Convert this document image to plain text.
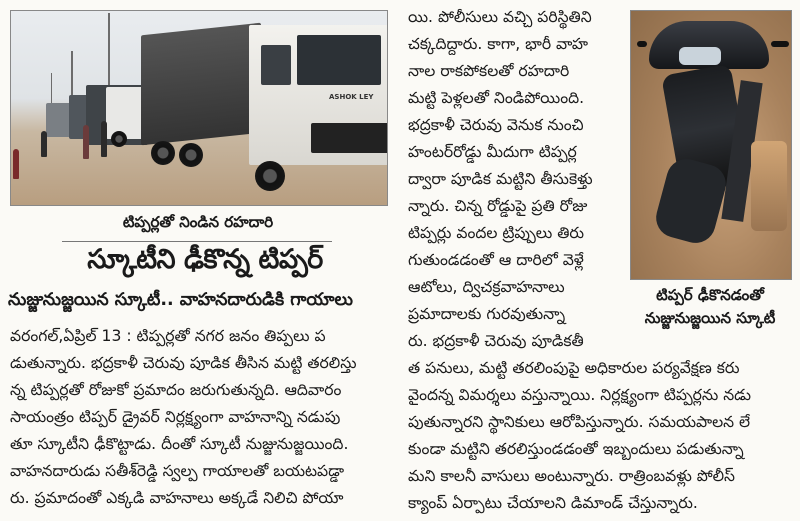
ASHOK LEY
టిప్పర్లతో నిండిన రహదారి
టిప్పర్ ఢీకొనడంతో
నుజ్జునుజ్జయిన స్కూటీ
స్కూటీని ఢీకొన్న టిప్పర్
నుజ్జునుజ్జయిన స్కూటీ.. వాహనదారుడికి గాయాలు
వరంగల్,ఏప్రిల్ 13 : టిప్పర్లతో నగర జనం తిప్పలు ప
డుతున్నారు. భద్రకాళీ చెరువు పూడిక తీసిన మట్టి తరలిస్తు
న్న టిప్పర్లతో రోజుకో ప్రమాదం జరుగుతున్నది. ఆదివారం
సాయంత్రం టిప్పర్ డ్రైవర్ నిర్లక్ష్యంగా వాహనాన్ని నడుపు
తూ స్కూటీని ఢీకొట్టాడు. దీంతో స్కూటీ నుజ్జునుజ్జయింది.
వాహనదారుడు సతీశ్‌రెడ్డి స్వల్ప గాయాలతో బయటపడ్డా
రు. ప్రమాదంతో ఎక్కడి వాహనాలు అక్కడే నిలిచి పోయా
యి. పోలీసులు వచ్చి పరిస్థితిని
చక్కదిద్దారు. కాగా, భారీ వాహ
నాల రాకపోకలతో రహదారి
మట్టి పెళ్లలతో నిండిపోయింది.
భద్రకాళీ చెరువు వెనుక నుంచి
హంటర్‌రోడ్డు మీదుగా టిప్పర్ల
ద్వారా పూడిక మట్టిని తీసుకెళ్తు
న్నారు. చిన్న రోడ్డుపై ప్రతి రోజు
టిప్పర్లు వందల ట్రిప్పులు తిరు
గుతుండడంతో ఆ దారిలో వెళ్లే
ఆటోలు, ద్విచక్రవాహనాలు
ప్రమాదాలకు గురవుతున్నా
రు. భద్రకాళీ చెరువు పూడికతీ
త పనులు, మట్టి తరలింపుపై అధికారుల పర్యవేక్షణ కరు
వైందన్న విమర్శలు వస్తున్నాయి. నిర్లక్ష్యంగా టిప్పర్లను నడు
పుతున్నారని స్థానికులు ఆరోపిస్తున్నారు. సమయపాలన లే
కుండా మట్టిని తరలిస్తుండడంతో ఇబ్బందులు పడుతున్నా
మని కాలనీ వాసులు అంటున్నారు. రాత్రింబవళ్లు పోలీస్
క్యాంప్ ఏర్పాటు చేయాలని డిమాండ్ చేస్తున్నారు.
